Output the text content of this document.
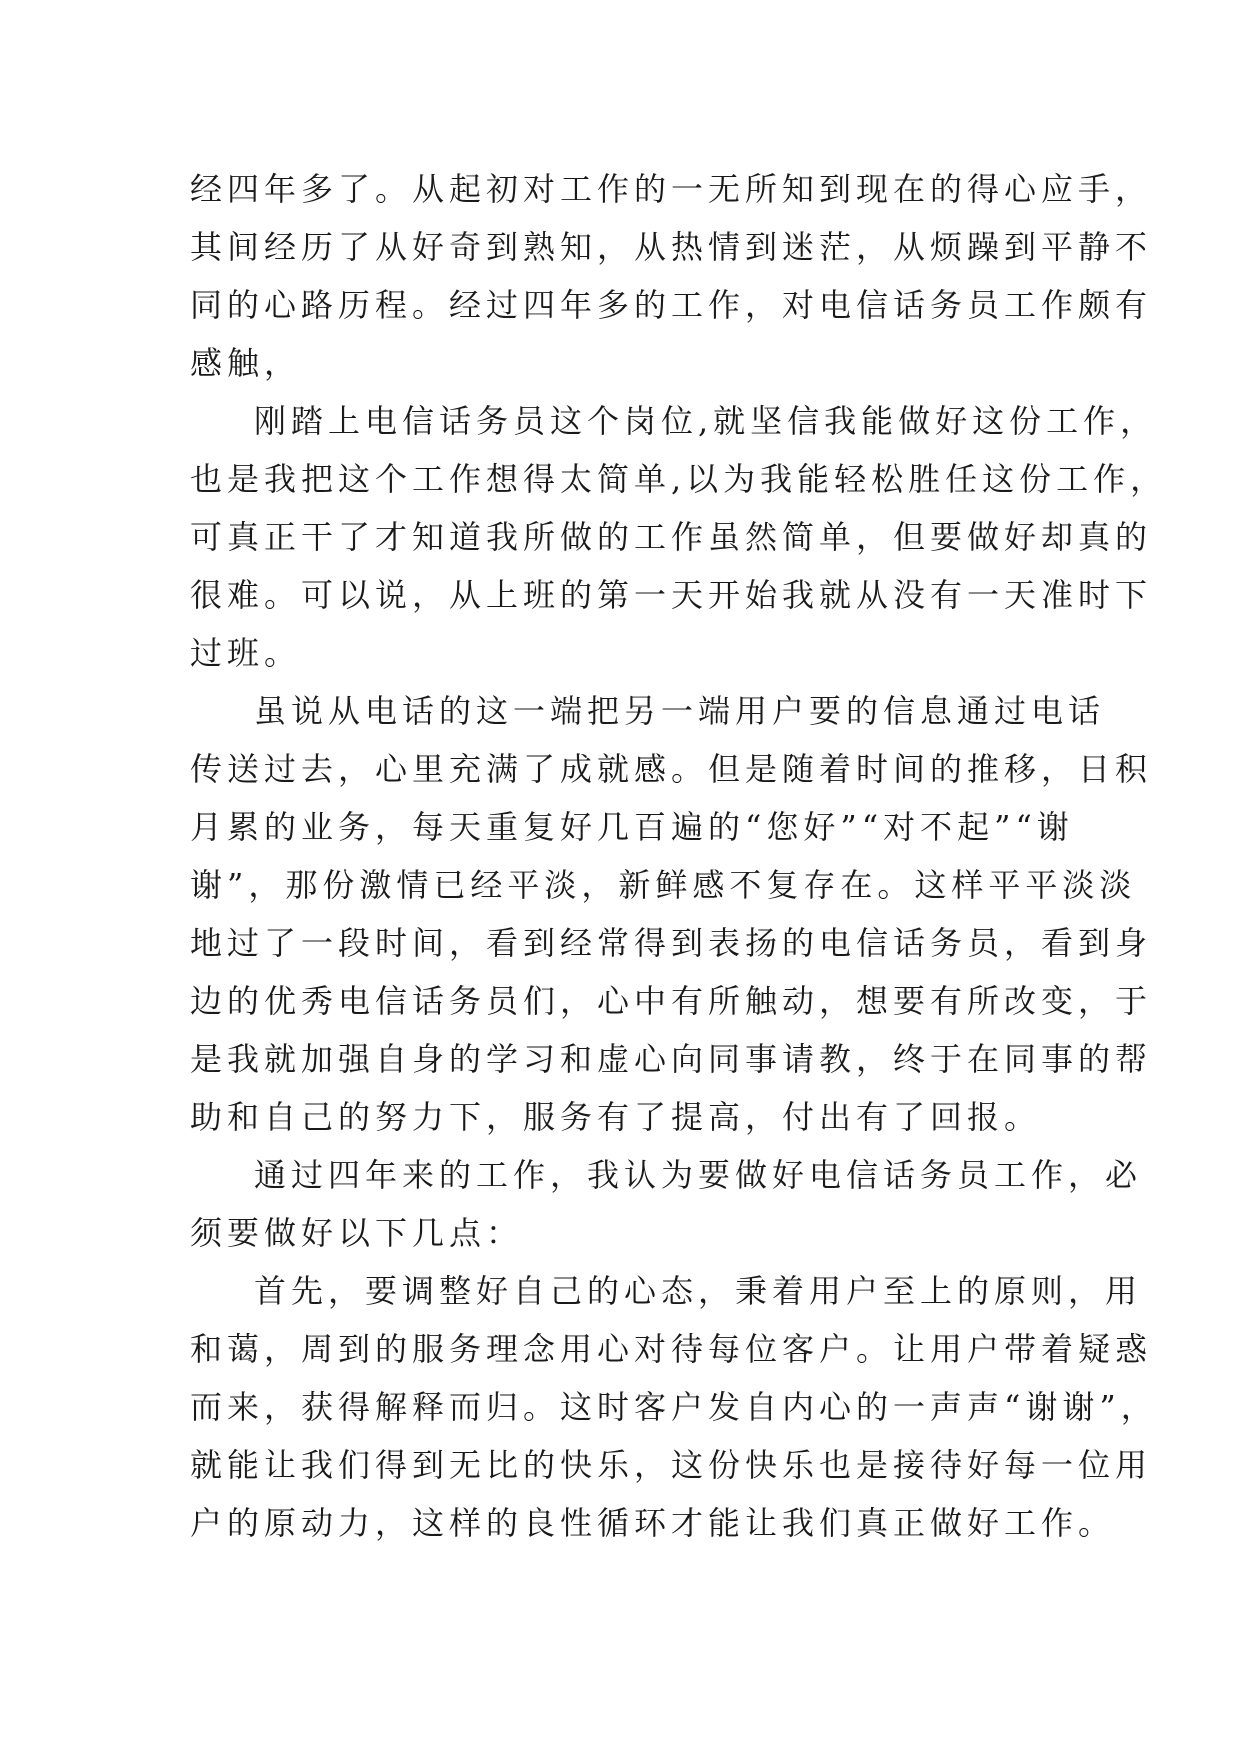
经四年多了。从起初对工作的一无所知到现在的得心应手，
其间经历了从好奇到熟知，从热情到迷茫，从烦躁到平静不
同的心路历程。经过四年多的工作，对电信话务员工作颇有
感触，
刚踏上电信话务员这个岗位,就坚信我能做好这份工作，
也是我把这个工作想得太简单,以为我能轻松胜任这份工作，
可真正干了才知道我所做的工作虽然简单，但要做好却真的
很难。可以说，从上班的第一天开始我就从没有一天准时下
过班。
虽说从电话的这一端把另一端用户要的信息通过电话
传送过去，心里充满了成就感。但是随着时间的推移，日积
月累的业务，每天重复好几百遍的“您好”“对不起”“谢
谢”，那份激情已经平淡，新鲜感不复存在。这样平平淡淡
地过了一段时间，看到经常得到表扬的电信话务员，看到身
边的优秀电信话务员们，心中有所触动，想要有所改变，于
是我就加强自身的学习和虚心向同事请教，终于在同事的帮
助和自己的努力下，服务有了提高，付出有了回报。
通过四年来的工作，我认为要做好电信话务员工作，必
须要做好以下几点：
首先，要调整好自己的心态，秉着用户至上的原则，用
和蔼，周到的服务理念用心对待每位客户。让用户带着疑惑
而来，获得解释而归。这时客户发自内心的一声声“谢谢”，
就能让我们得到无比的快乐，这份快乐也是接待好每一位用
户的原动力，这样的良性循环才能让我们真正做好工作。
